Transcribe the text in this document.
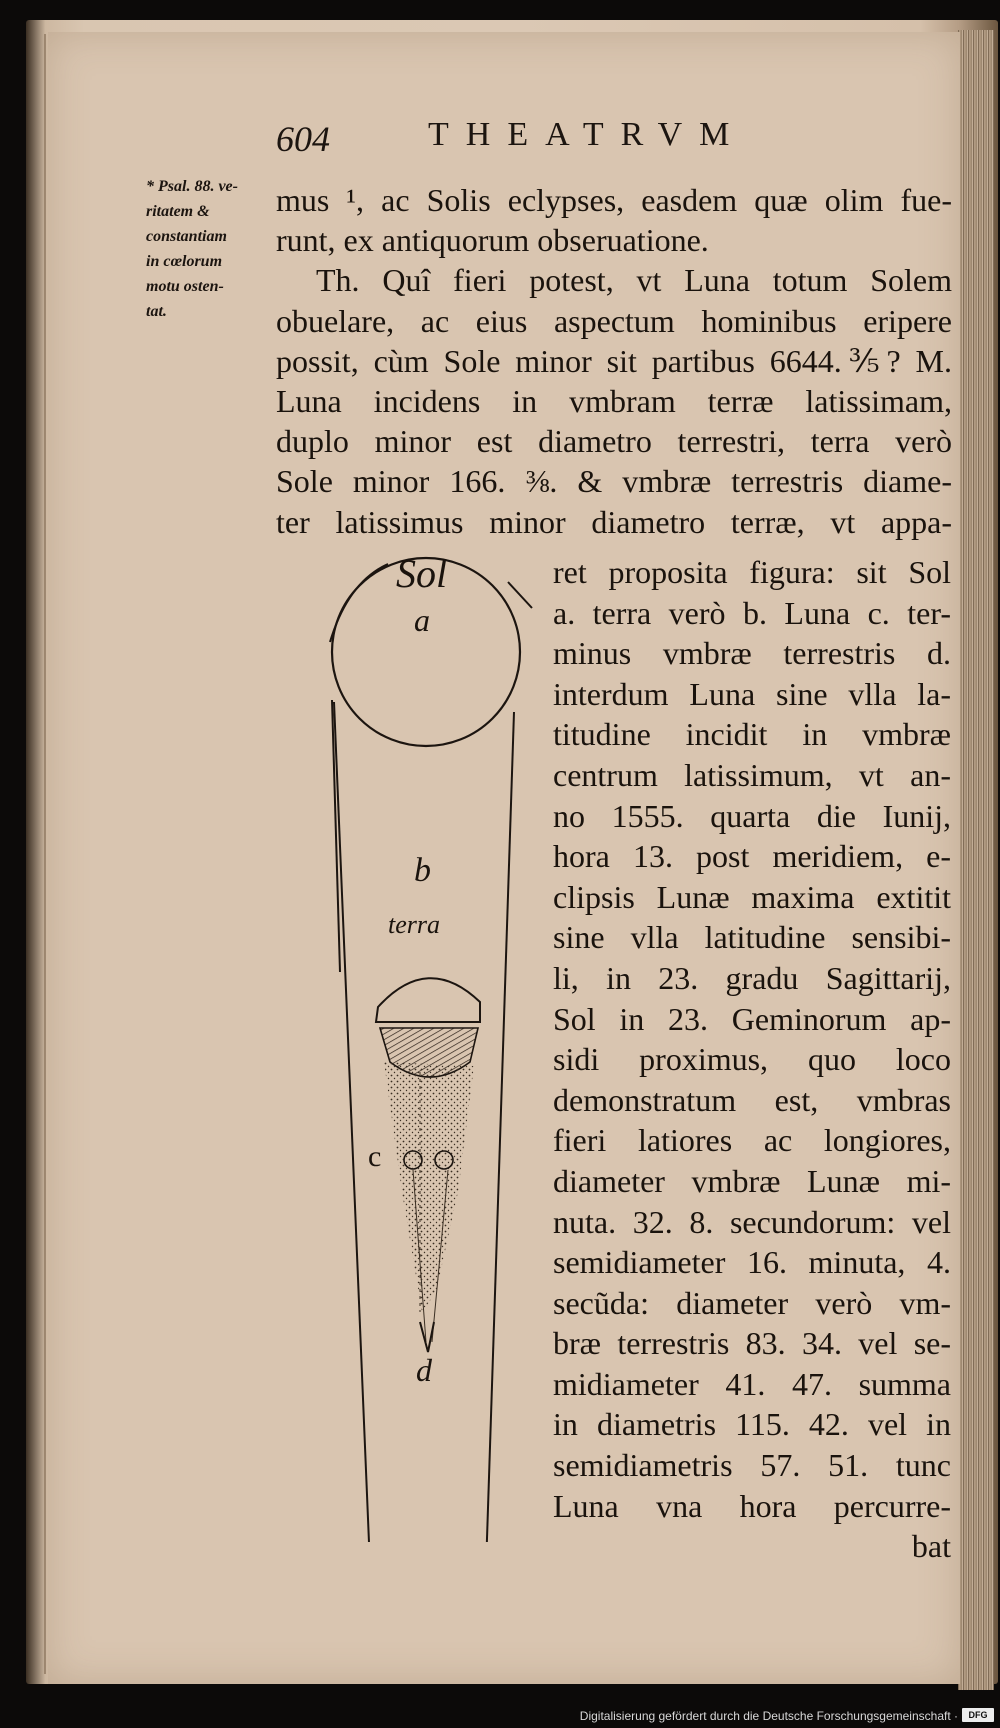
604	THEATRVM
* Psal. 88. ve-
ritatem &
constantiam
in cœlorum
motu osten-
tat.
mus ¹, ac Solis eclypses, easdem quæ olim fue-
runt, ex antiquorum obseruatione.
Th. Quî fieri potest, vt Luna totum Solem
obuelare, ac eius aspectum hominibus eripere
possit, cùm Sole minor sit partibus 6644.⅗? M.
Luna incidens in vmbram terræ latissimam,
duplo minor est diametro terrestri, terra verò
Sole minor 166. ⅜. & vmbræ terrestris diame-
ter latissimus minor diametro terræ, vt appa-
ret proposita figura: sit Sol
a. terra verò b. Luna c. ter-
minus vmbræ terrestris d.
interdum Luna sine vlla la-
titudine incidit in vmbræ
centrum latissimum, vt an-
no 1555. quarta die Iunij,
hora 13. post meridiem, e-
clipsis Lunæ maxima extitit
sine vlla latitudine sensibi-
li, in 23. gradu Sagittarij,
Sol in 23. Geminorum ap-
sidi proximus, quo loco
demonstratum est, vmbras
fieri latiores ac longiores,
diameter vmbræ Lunæ mi-
nuta. 32. 8. secundorum: vel
semidiameter 16. minuta, 4.
secũda: diameter verò vm-
bræ terrestris 83. 34. vel se-
midiameter 41. 47. summa
in diametris 115. 42. vel in
semidiametris 57. 51. tunc
Luna vna hora percurre-
bat
Sol
a
b
terra
c
d
Digitalisierung gefördert durch die Deutsche Forschungsgemeinschaft ·	DFG
